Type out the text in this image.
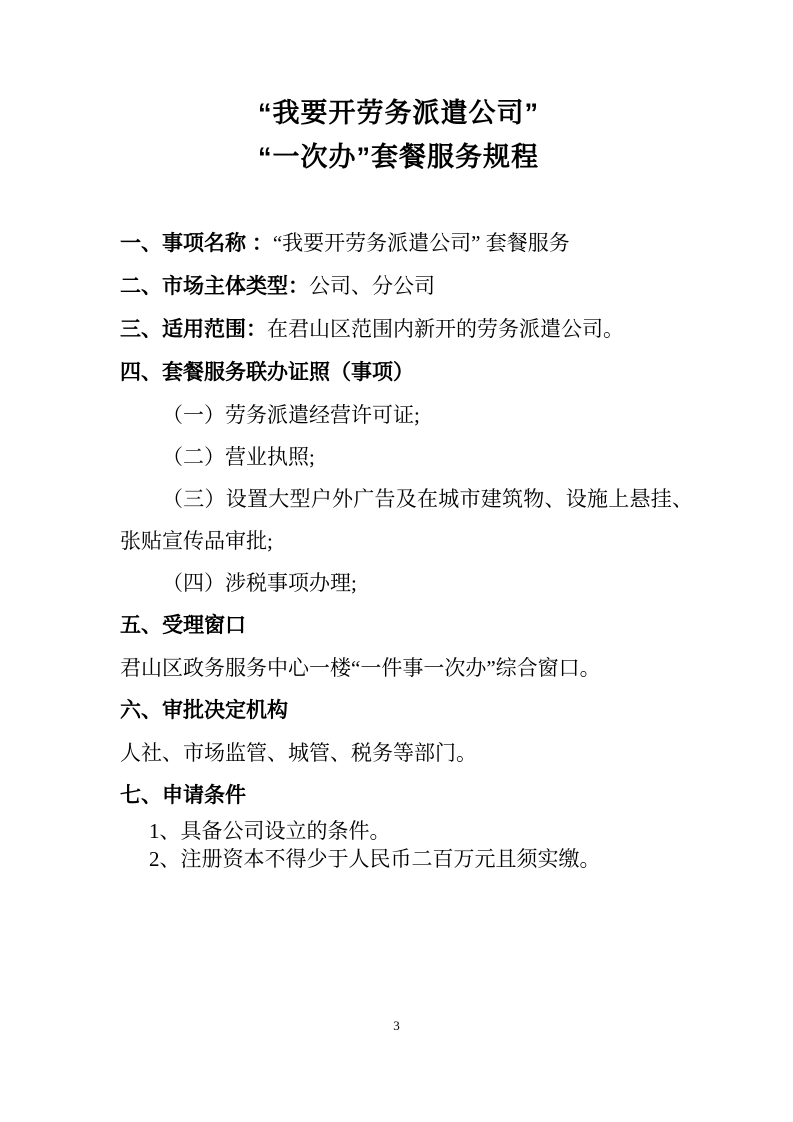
“我要开劳务派遣公司”
“一次办”套餐服务规程

一、事项名称 ：“我要开劳务派遣公司” 套餐服务

二、市场主体类型：公司、分公司

三、适用范围：在君山区范围内新开的劳务派遣公司。

四、套餐服务联办证照（事项）

（一）劳务派遣经营许可证;

（二）营业执照;

（三）设置大型户外广告及在城市建筑物、设施上悬挂、张贴宣传品审批;

（四）涉税事项办理;

五、受理窗口

君山区政务服务中心一楼“一件事一次办”综合窗口。

六、审批决定机构

人社、市场监管、城管、税务等部门。

七、申请条件

1、具备公司设立的条件。

2、注册资本不得少于人民币二百万元且须实缴。

3
